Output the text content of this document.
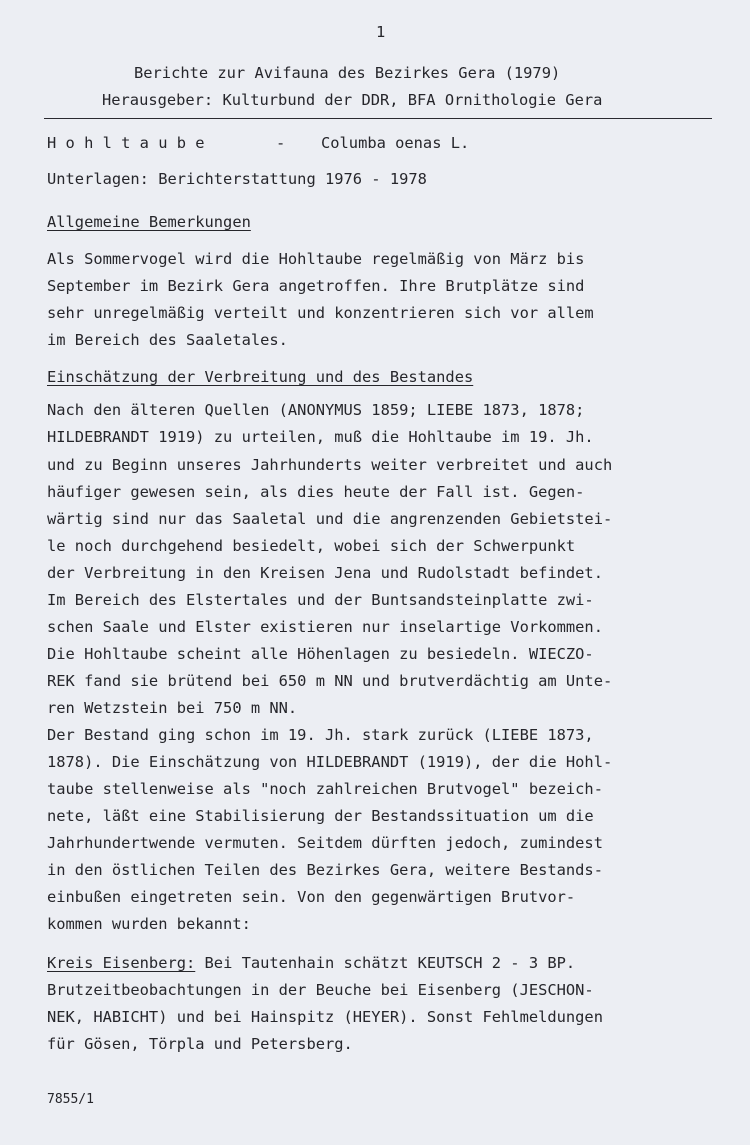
1
Berichte zur Avifauna des Bezirkes Gera (1979)
Herausgeber: Kulturbund der DDR, BFA Ornithologie Gera
H o h l t a u b e	- Columba oenas L.
Unterlagen: Berichterstattung 1976 - 1978
Allgemeine Bemerkungen
Als Sommervogel wird die Hohltaube regelmäßig von März bis
September im Bezirk Gera angetroffen. Ihre Brutplätze sind
sehr unregelmäßig verteilt und konzentrieren sich vor allem
im Bereich des Saaletales.
Einschätzung der Verbreitung und des Bestandes
Nach den älteren Quellen (ANONYMUS 1859; LIEBE 1873, 1878;
HILDEBRANDT 1919) zu urteilen, muß die Hohltaube im 19. Jh.
und zu Beginn unseres Jahrhunderts weiter verbreitet und auch
häufiger gewesen sein, als dies heute der Fall ist. Gegen-
wärtig sind nur das Saaletal und die angrenzenden Gebietstei-
le noch durchgehend besiedelt, wobei sich der Schwerpunkt
der Verbreitung in den Kreisen Jena und Rudolstadt befindet.
Im Bereich des Elstertales und der Buntsandsteinplatte zwi-
schen Saale und Elster existieren nur inselartige Vorkommen.
Die Hohltaube scheint alle Höhenlagen zu besiedeln. WIECZO-
REK fand sie brütend bei 650 m NN und brutverdächtig am Unte-
ren Wetzstein bei 750 m NN.
Der Bestand ging schon im 19. Jh. stark zurück (LIEBE 1873,
1878). Die Einschätzung von HILDEBRANDT (1919), der die Hohl-
taube stellenweise als "noch zahlreichen Brutvogel" bezeich-
nete, läßt eine Stabilisierung der Bestandssituation um die
Jahrhundertwende vermuten. Seitdem dürften jedoch, zumindest
in den östlichen Teilen des Bezirkes Gera, weitere Bestands-
einbußen eingetreten sein. Von den gegenwärtigen Brutvor-
kommen wurden bekannt:
Kreis Eisenberg: Bei Tautenhain schätzt KEUTSCH 2 - 3 BP.
Brutzeitbeobachtungen in der Beuche bei Eisenberg (JESCHON-
NEK, HABICHT) und bei Hainspitz (HEYER). Sonst Fehlmeldungen
für Gösen, Törpla und Petersberg.
7855/1
